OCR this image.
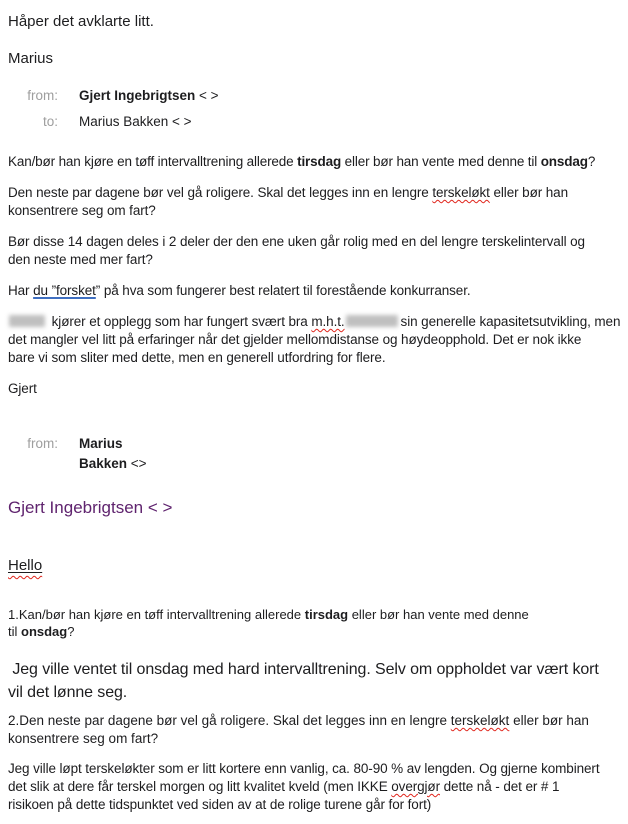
Håper det avklarte litt.

Marius

from: Gjert Ingebrigtsen < >
to: Marius Bakken < >

Kan/bør han kjøre en tøff intervalltrening allerede tirsdag eller bør han vente med denne til onsdag?

Den neste par dagene bør vel gå roligere. Skal det legges inn en lengre terskeløkt eller bør han
konsentrere seg om fart?

Bør disse 14 dagen deles i 2 deler der den ene uken går rolig med en del lengre terskelintervall og
den neste med mer fart?

Har du ”forsket” på hva som fungerer best relatert til forestående konkurranser.

kjører et opplegg som har fungert svært bra m.h.t.	sin generelle kapasitetsutvikling, men
det mangler vel litt på erfaringer når det gjelder mellomdistanse og høydeopphold. Det er nok ikke
bare vi som sliter med dette, men en generell utfordring for flere.

Gjert

from: Marius
Bakken <>

Gjert Ingebrigtsen < >

Hello

1.Kan/bør han kjøre en tøff intervalltrening allerede tirsdag eller bør han vente med denne
til onsdag?

Jeg ville ventet til onsdag med hard intervalltrening. Selv om oppholdet var vært kort
vil det lønne seg.

2.Den neste par dagene bør vel gå roligere. Skal det legges inn en lengre terskeløkt eller bør han
konsentrere seg om fart?

Jeg ville løpt terskeløkter som er litt kortere enn vanlig, ca. 80-90 % av lengden. Og gjerne kombinert
det slik at dere får terskel morgen og litt kvalitet kveld (men IKKE overgjør dette nå - det er # 1
risikoen på dette tidspunktet ved siden av at de rolige turene går for fort)
